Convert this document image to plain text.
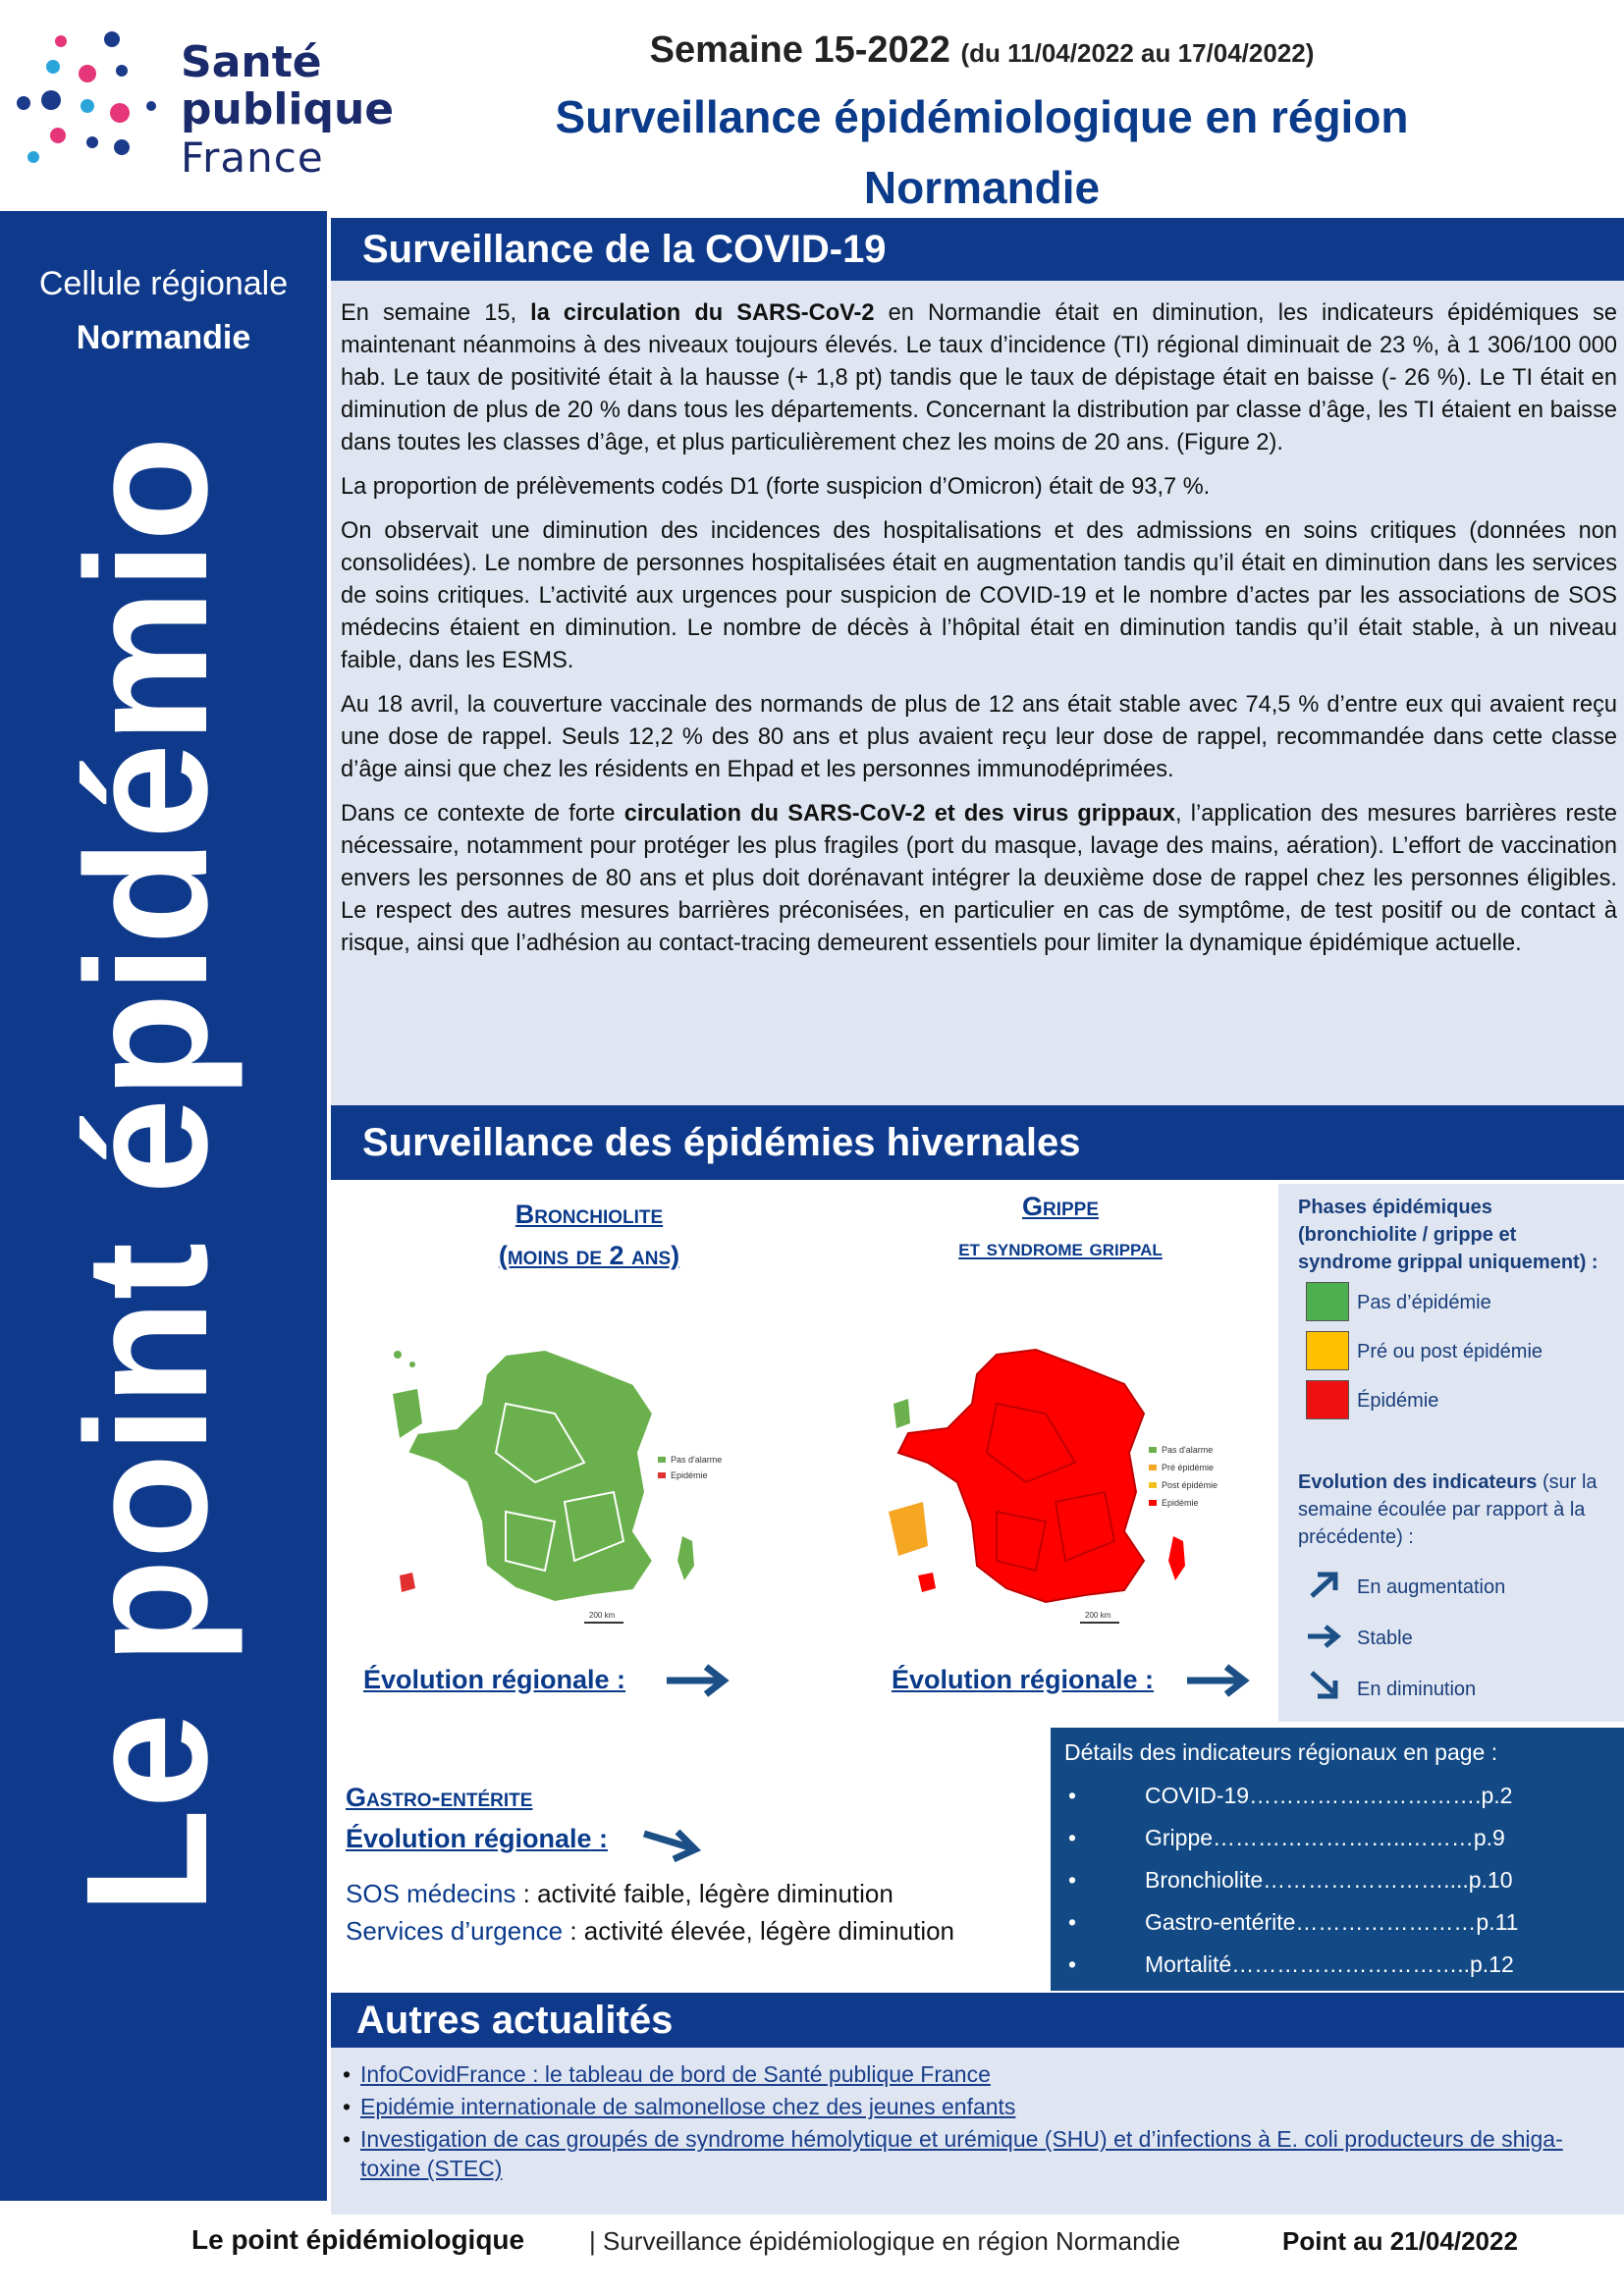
Santé
publique
France
Semaine 15-2022 (du 11/04/2022 au 17/04/2022)
Surveillance épidémiologique en région
Normandie
Cellule régionale
Normandie
Le point épidémio
Surveillance de la COVID-19

En semaine 15, la circulation du SARS-CoV-2 en Normandie était en diminution, les indicateurs épidémiques se maintenant néanmoins à des niveaux toujours élevés. Le taux d’incidence (TI) régional diminuait de 23 %, à 1 306/100 000 hab. Le taux de positivité était à la hausse (+ 1,8 pt) tandis que le taux de dépistage était en baisse (- 26 %). Le TI était en diminution de plus de 20 % dans tous les départements. Concernant la distribution par classe d’âge, les TI étaient en baisse dans toutes les classes d’âge, et plus particulièrement chez les moins de 20 ans. (Figure 2).

La proportion de prélèvements codés D1 (forte suspicion d’Omicron) était de 93,7 %.

On observait une diminution des incidences des hospitalisations et des admissions en soins critiques (données non consolidées). Le nombre de personnes hospitalisées était en augmentation tandis qu’il était en diminution dans les services de soins critiques. L’activité aux urgences pour suspicion de COVID-19 et le nombre d’actes par les associations de SOS médecins étaient en diminution. Le nombre de décès à l’hôpital était en diminution tandis qu’il était stable, à un niveau faible, dans les ESMS.

Au 18 avril, la couverture vaccinale des normands de plus de 12 ans était stable avec 74,5 % d’entre eux qui avaient reçu une dose de rappel. Seuls 12,2 % des 80 ans et plus avaient reçu leur dose de rappel, recommandée dans cette classe d’âge ainsi que chez les résidents en Ehpad et les personnes immunodéprimées.

Dans ce contexte de forte circulation du SARS-CoV-2 et des virus grippaux, l’application des mesures barrières reste nécessaire, notamment pour protéger les plus fragiles (port du masque, lavage des mains, aération). L’effort de vaccination envers les personnes de 80 ans et plus doit dorénavant intégrer la deuxième dose de rappel chez les personnes éligibles. Le respect des autres mesures barrières préconisées, en particulier en cas de symptôme, de test positif ou de contact à risque, ainsi que l’adhésion au contact-tracing demeurent essentiels pour limiter la dynamique épidémique actuelle.

Surveillance des épidémies hivernales
Bronchiolite
(moins de 2 ans)
Grippe
et syndrome grippal
Pas d'alarme
Epidémie
200 km
Pas d'alarme
Pré épidémie
Post épidémie
Epidémie
200 km
Évolution régionale :	Évolution régionale :
Phases épidémiques (bronchiolite / grippe et syndrome grippal uniquement) :
Pas d’épidémie
Pré ou post épidémie
Épidémie
Evolution des indicateurs (sur la semaine écoulée par rapport à la précédente) :
En augmentation
Stable
En diminution
Détails des indicateurs régionaux en page :
•	COVID-19………………………….p.2
•	Grippe……………………..………p.9
•	Bronchiolite……………………....p.10
•	Gastro-entérite……………………p.11
•	Mortalité…………………………..p.12
Gastro-entérite
Évolution régionale :
SOS médecins : activité faible, légère diminution
Services d’urgence : activité élevée, légère diminution
Autres actualités
• InfoCovidFrance : le tableau de bord de Santé publique France
• Epidémie internationale de salmonellose chez des jeunes enfants
• Investigation de cas groupés de syndrome hémolytique et urémique (SHU) et d’infections à E. coli producteurs de shiga-toxine (STEC)
Le point épidémiologique	| Surveillance épidémiologique en région Normandie	Point au 21/04/2022
